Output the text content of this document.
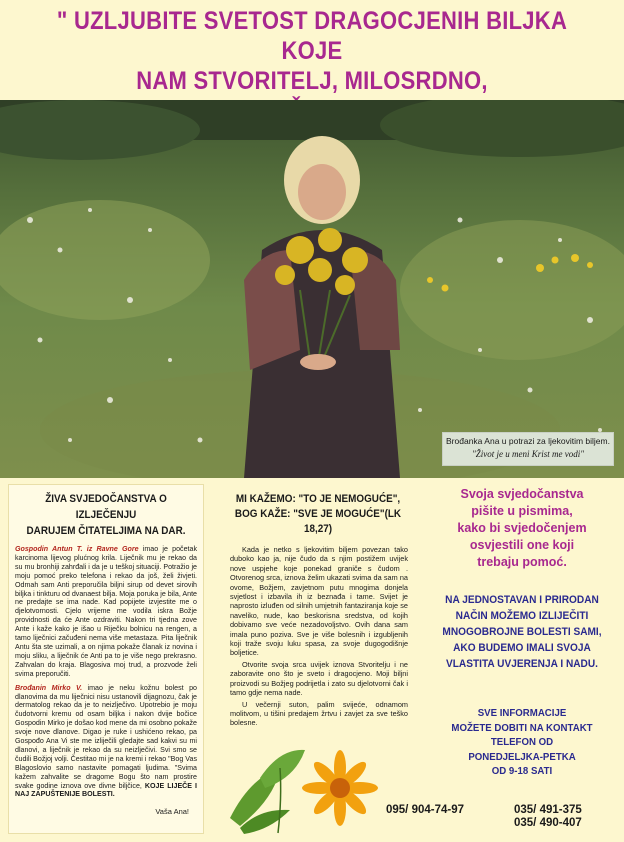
" UZLJUBITE SVETOST DRAGOCJENIH BILJKA KOJE
NAM STVORITELJ, MILOSRDNO,
Brođanka Ana u potrazi za ljekovitim biljem.
"Život je u meni Krist me vodi"
ŽIVA SVJEDOČANSTVA O IZLJEČENJU
DARUJEM ČITATELJIMA NA DAR.
Gospodin Antun T. iz Ravne Gore imao je početak karcinoma lijevog plućnog krila. Liječnik mu je rekao da su mu bronhiji zahrđali i da je u teškoj situaciji. Potražio je moju pomoć preko telefona i rekao da još, želi živjeti. Odmah sam Anti preporučila biljni sirup od devet sirovih biljka i tinkturu od dvanaest bilja. Moja poruka je bila, Ante ne predajte se ima nade. Kad popijete izvjestite me o djelotvornosti. Cjelo vrijeme me vodila iskra Božje providnosti da će Ante ozdraviti. Nakon tri tjedna zove Ante i kaže kako je išao u Riječku bolnicu na rengen, a tamo liječnici začuđeni nema više metastaza. Pita liječnik Antu šta ste uzimali, a on njima pokaže članak iz novina i moju sliku, a liječnik će Anti pa to je više nego prekrasno. Zahvalan do kraja. Blagosiva moj trud, a prozvode želi svima preporučiti.
Brođanin Mirko V. imao je neku kožnu bolest po dlanovima da mu liječnici nisu ustanovili dijagnozu, čak je dermatolog rekao da je to neizlječivo. Upotrebio je moju čudotvorni kremu od osam biljka i nakon dvije bočice Gospodin Mirko je došao kod mene da mi osobno pokaže svoje nove dlanove. Digao je ruke i ushićeno rekao, pa Gospođo Ana Vi ste me izliječili gledajte sad kakvi su mi dlanovi, a liječnik je rekao da su neizlječivi. Svi smo se čudili Božjoj volji. Čestitao mi je na kremi i rekao "Bog Vas Blagoslovio samo nastavite pomagati ljudima. "Svima kažem zahvalite se dragome Bogu što nam prostire svake godine iznova ove divne biljčice, KOJE LIJEČE I NAJ ZAPUŠTENIJE BOLESTI.
Vaša Ana!
MI KAŽEMO: "TO JE NEMOGUĆE",
BOG KAŽE: "SVE JE MOGUĆE"(LK 18,27)

Kada je netko s ljekovitim biljem povezan tako duboko kao ja, nije čudo da s njim postižem uvijek nove uspjehe koje ponekad graniče s čudom . Otvorenog srca, iznova želim ukazati svima da sam na ovome, Božjem, zavjetnom putu mnogima donjela svjetlost i izbavila ih iz beznađa i tame. Svijet je naprosto izluđen od silnih umjetnih fantaziranja koje se naveliko, nude, kao beskorisna sredstva, od kojih dobivamo sve veće nezadovoljstvo. Ovih dana sam imala puno poziva. Sve je više bolesnih i izgubljenih koji traže svoju luku spasa, za svoje dugogodišnje boljetice.

Otvorite svoja srca uvijek iznova Stvoritelju i ne zaboravite ono što je sveto i dragocjeno. Moji biljni proizvodi su Božjeg podrijetla i zato su djelotvorni čak i tamo gdje nema nade.

U večernji suton, palim svijeće, odnamom molitvom, u tišini predajem žrtvu i zavjet za sve teško bolesne.

Svoja svjedočanstva
pišite u pismima,
kako bi svjedočenjem
osvjestili one koji
trebaju pomoć.
NA JEDNOSTAVAN I PRIRODAN
NAČIN MOŽEMO IZLIJEČITI
MNOGOBROJNE BOLESTI SAMI,
AKO BUDEMO IMALI SVOJA
VLASTITA UVJERENJA I NADU.
SVE INFORMACIJE
MOŽETE DOBITI NA KONTAKT
TELEFON OD
PONEDJELJKA-PETKA
OD 9-18 SATI
095/ 904-74-97	035/ 491-375
035/ 490-407
